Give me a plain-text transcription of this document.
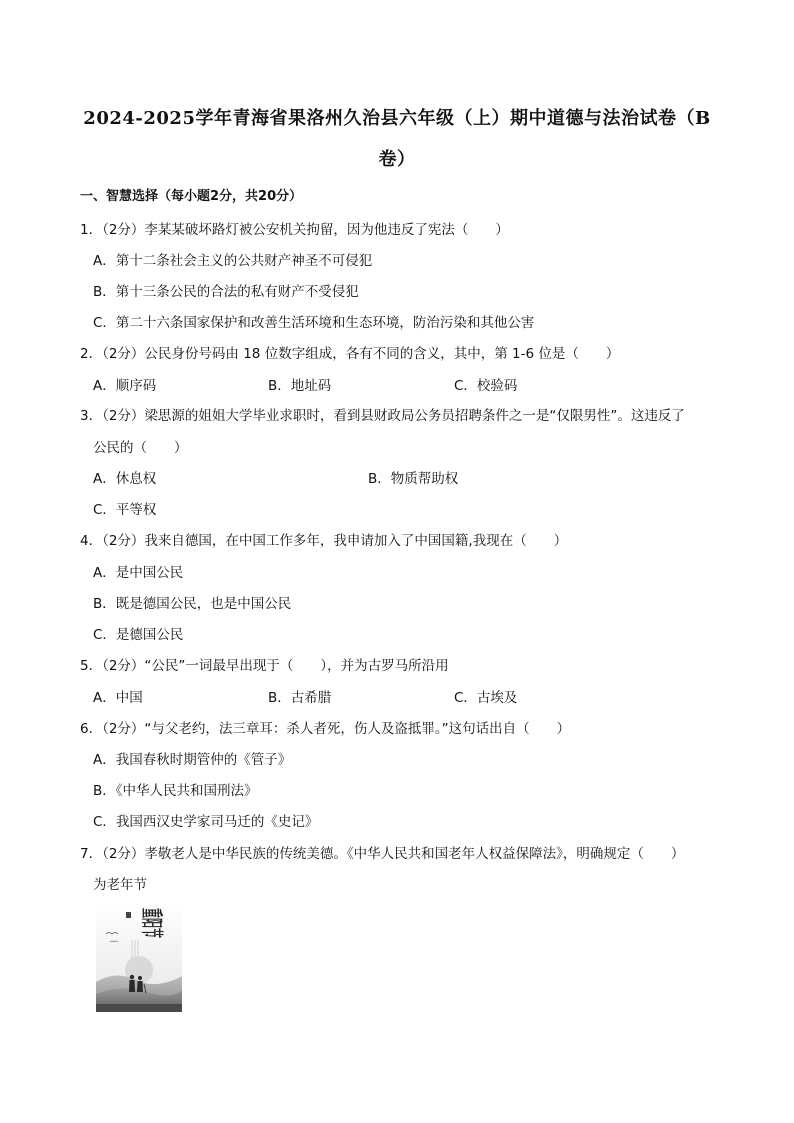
2024-2025学年青海省果洛州久治县六年级（上）期中道德与法治试卷（B
卷）
一、智慧选择（每小题2分，共20分）
1．（2分）李某某破坏路灯被公安机关拘留，因为他违反了宪法（　　）
A．第十二条社会主义的公共财产神圣不可侵犯
B．第十三条公民的合法的私有财产不受侵犯
C．第二十六条国家保护和改善生活环境和生态环境，防治污染和其他公害
2．（2分）公民身份号码由 18 位数字组成，各有不同的含义，其中，第 1-6 位是（　　）
A．顺序码	B．地址码	C．校验码
3．（2分）梁思源的姐姐大学毕业求职时，看到县财政局公务员招聘条件之一是“仅限男性”。这违反了
公民的（　　）
A．休息权	B．物质帮助权
C．平等权
4．（2分）我来自德国，在中国工作多年，我申请加入了中国国籍,我现在（　　）
A．是中国公民
B．既是德国公民，也是中国公民
C．是德国公民
5．（2分）“公民”一词最早出现于（　　），并为古罗马所沿用
A．中国	B．古希腊	C．古埃及
6．（2分）“与父老约，法三章耳：杀人者死，伤人及盗抵罪。”这句话出自（　　）
A．我国春秋时期管仲的《管子》
B．《中华人民共和国刑法》
C．我国西汉史学家司马迁的《史记》
7．（2分）孝敬老人是中华民族的传统美德。《中华人民共和国老年人权益保障法》，明确规定（　　）
为老年节
